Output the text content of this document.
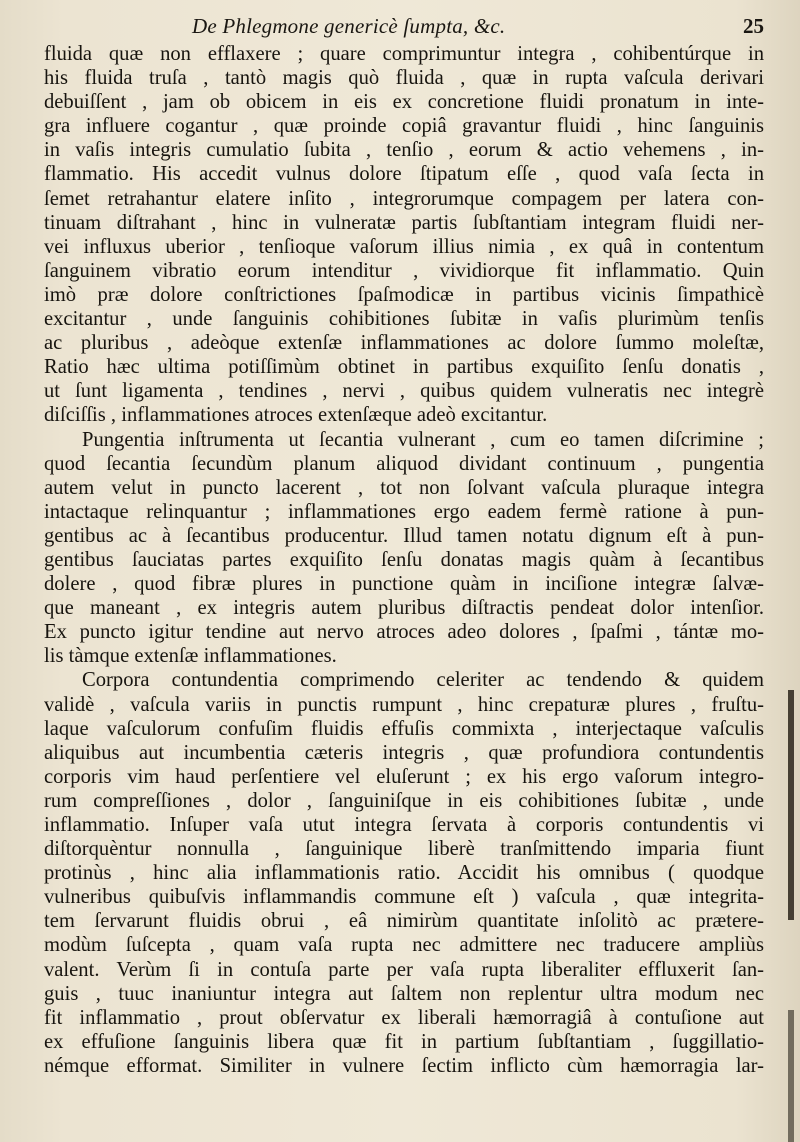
De Phlegmone genericè ſumpta, &c.	25

fluida quæ non efflaxere ; quare comprimuntur integra , cohibentúrque in
his fluida truſa , tantò magis quò fluida , quæ in rupta vaſcula derivari
debuiſſent , jam ob obicem in eis ex concretione fluidi pronatum in inte-
gra influere cogantur , quæ proinde copiâ gravantur fluidi , hinc ſanguinis
in vaſis integris cumulatio ſubita , tenſio , eorum & actio vehemens , in-
flammatio. His accedit vulnus dolore ſtipatum eſſe , quod vaſa ſecta in
ſemet retrahantur elatere inſito , integrorumque compagem per latera con-
tinuam diſtrahant , hinc in vulneratæ partis ſubſtantiam integram fluidi ner-
vei influxus uberior , tenſioque vaſorum illius nimia , ex quâ in contentum
ſanguinem vibratio eorum intenditur , vividiorque fit inflammatio. Quin
imò præ dolore conſtrictiones ſpaſmodicæ in partibus vicinis ſimpathicè
excitantur , unde ſanguinis cohibitiones ſubitæ in vaſis plurimùm tenſis
ac pluribus , adeòque extenſæ inflammationes ac dolore ſummo moleſtæ,
Ratio hæc ultima potiſſimùm obtinet in partibus exquiſito ſenſu donatis ,
ut ſunt ligamenta , tendines , nervi , quibus quidem vulneratis nec integrè
diſciſſis , inflammationes atroces extenſæque adeò excitantur.

Pungentia inſtrumenta ut ſecantia vulnerant , cum eo tamen diſcrimine ;
quod ſecantia ſecundùm planum aliquod dividant continuum , pungentia
autem velut in puncto lacerent , tot non ſolvant vaſcula pluraque integra
intactaque relinquantur ; inflammationes ergo eadem fermè ratione à pun-
gentibus ac à ſecantibus producentur. Illud tamen notatu dignum eſt à pun-
gentibus ſauciatas partes exquiſito ſenſu donatas magis quàm à ſecantibus
dolere , quod fibræ plures in punctione quàm in inciſione integræ ſalvæ-
que maneant , ex integris autem pluribus diſtractis pendeat dolor intenſior.
Ex puncto igitur tendine aut nervo atroces adeo dolores , ſpaſmi , tántæ mo-
lis tàmque extenſæ inflammationes.

Corpora contundentia comprimendo celeriter ac tendendo & quidem
validè , vaſcula variis in punctis rumpunt , hinc crepaturæ plures , fruſtu-
laque vaſculorum confuſim fluidis effuſis commixta , interjectaque vaſculis
aliquibus aut incumbentia cæteris integris , quæ profundiora contundentis
corporis vim haud perſentiere vel eluſerunt ; ex his ergo vaſorum integro-
rum compreſſiones , dolor , ſanguiniſque in eis cohibitiones ſubitæ , unde
inflammatio. Inſuper vaſa utut integra ſervata à corporis contundentis vi
diſtorquèntur nonnulla , ſanguinique liberè tranſmittendo imparia fiunt
protinùs , hinc alia inflammationis ratio. Accidit his omnibus ( quodque
vulneribus quibuſvis inflammandis commune eſt ) vaſcula , quæ integrita-
tem ſervarunt fluidis obrui , eâ nimirùm quantitate inſolitò ac prætere-
modùm ſuſcepta , quam vaſa rupta nec admittere nec traducere ampliùs
valent. Verùm ſi in contuſa parte per vaſa rupta liberaliter effluxerit ſan-
guis , tuuc inaniuntur integra aut ſaltem non replentur ultra modum nec
fit inflammatio , prout obſervatur ex liberali hæmorragiâ à contuſione aut
ex effuſione ſanguinis libera quæ fit in partium ſubſtantiam , ſuggillatio-
némque efformat. Similiter in vulnere ſectim inflicto cùm hæmorragia lar-
